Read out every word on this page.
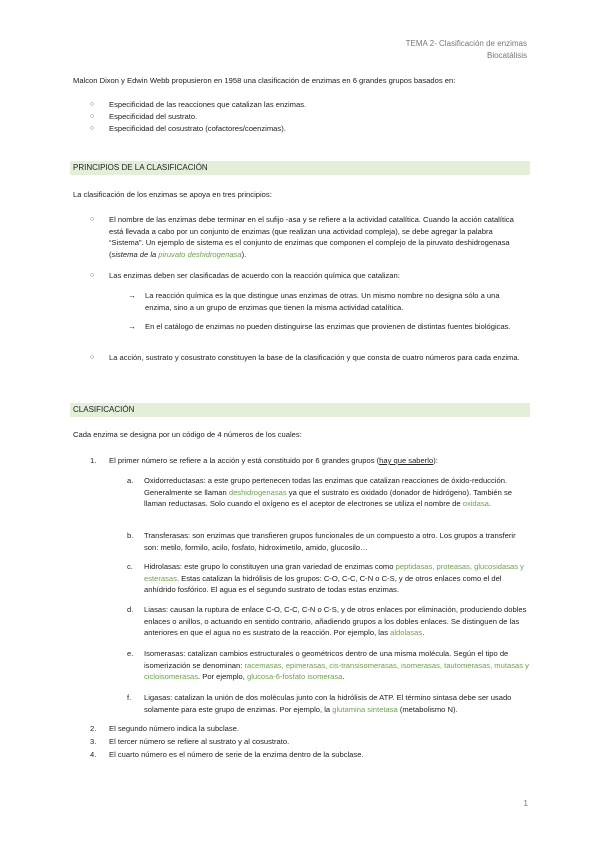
TEMA 2- Clasificación de enzimas
Biocatálisis
Malcon Dixon y Edwin Webb propusieron en 1958 una clasificación de enzimas en 6 grandes grupos basados en:
○ Especificidad de las reacciones que catalizan las enzimas.
○ Especificidad del sustrato.
○ Especificidad del cosustrato (cofactores/coenzimas).
PRINCIPIOS DE LA CLASIFICACIÓN
La clasificación de los enzimas se apoya en tres principios:
○ El nombre de las enzimas debe terminar en el sufijo -asa y se refiere a la actividad catalítica. Cuando la acción catalítica está llevada a cabo por un conjunto de enzimas (que realizan una actividad compleja), se debe agregar la palabra “Sistema”. Un ejemplo de sistema es el conjunto de enzimas que componen el complejo de la piruvato deshidrogenasa (sistema de la piruvato deshidrogenasa).
○ Las enzimas deben ser clasificadas de acuerdo con la reacción química que catalizan:
→ La reacción química es la que distingue unas enzimas de otras. Un mismo nombre no designa sólo a una enzima, sino a un grupo de enzimas que tienen la misma actividad catalítica.
→ En el catálogo de enzimas no pueden distinguirse las enzimas que provienen de distintas fuentes biológicas.
○ La acción, sustrato y cosustrato constituyen la base de la clasificación y que consta de cuatro números para cada enzima.
CLASIFICACIÓN
Cada enzima se designa por un código de 4 números de los cuales:
1. El primer número se refiere a la acción y está constituido por 6 grandes grupos (hay que saberlo):
a. Oxidorreductasas: a este grupo pertenecen todas las enzimas que catalizan reacciones de óxido-reducción. Generalmente se llaman deshidrogenasas ya que el sustrato es oxidado (donador de hidrógeno). También se llaman reductasas. Solo cuando el oxígeno es el aceptor de electrones se utiliza el nombre de oxidasa.
b. Transferasas: son enzimas que transfieren grupos funcionales de un compuesto a otro. Los grupos a transferir son: metilo, formilo, acilo, fosfato, hidroximetilo, amido, glucosilo…
c. Hidrolasas: este grupo lo constituyen una gran variedad de enzimas como peptidasas, proteasas, glucosidasas y esterasas. Estas catalizan la hidrólisis de los grupos: C-O, C-C, C-N o C-S, y de otros enlaces como el del anhídrido fosfórico. El agua es el segundo sustrato de todas estas enzimas.
d. Liasas: causan la ruptura de enlace C-O, C-C, C-N o C-S, y de otros enlaces por eliminación, produciendo dobles enlaces o anillos, o actuando en sentido contrario, añadiendo grupos a los dobles enlaces. Se distinguen de las anteriores en que el agua no es sustrato de la reacción. Por ejemplo, las aldolasas.
e. Isomerasas: catalizan cambios estructurales o geométricos dentro de una misma molécula. Según el tipo de isomerización se denominan: racemasas, epimerasas, cis-transisomerasas, isomerasas, tautomerasas, mutasas y cicloisomerasas. Por ejemplo, glucosa-6-fosfato isomerasa.
f. Ligasas: catalizan la unión de dos moléculas junto con la hidrólisis de ATP. El término sintasa debe ser usado solamente para este grupo de enzimas. Por ejemplo, la glutamina sintetasa (metabolismo N).
2. El segundo número indica la subclase.
3. El tercer número se refiere al sustrato y al cosustrato.
4. El cuarto número es el número de serie de la enzima dentro de la subclase.
1
